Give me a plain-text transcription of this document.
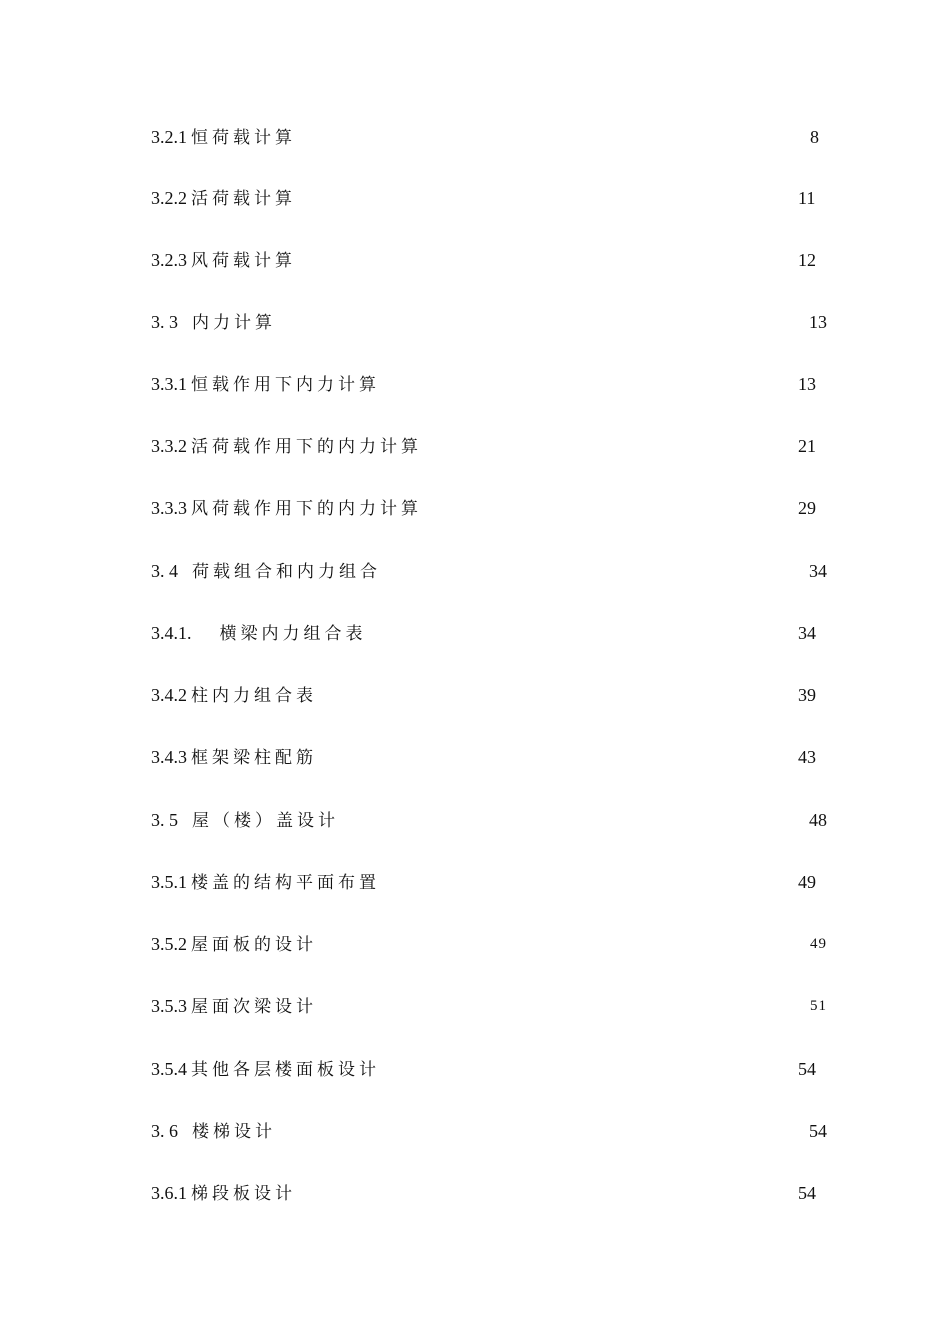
3.2.1 恒荷载计算	8
3.2.2 活荷载计算	11
3.2.3 风荷载计算	12
3. 3 内力计算	13
3.3.1 恒载作用下内力计算	13
3.3.2 活荷载作用下的内力计算	21
3.3.3 风荷载作用下的内力计算	29
3. 4 荷载组合和内力组合	34
3.4.1. 横梁内力组合表	34
3.4.2 柱内力组合表	39
3.4.3 框架梁柱配筋	43
3. 5 屋（楼）盖设计	48
3.5.1 楼盖的结构平面布置	49
3.5.2 屋面板的设计	49
3.5.3 屋面次梁设计	51
3.5.4 其他各层楼面板设计	54
3. 6 楼梯设计	54
3.6.1 梯段板设计	54
